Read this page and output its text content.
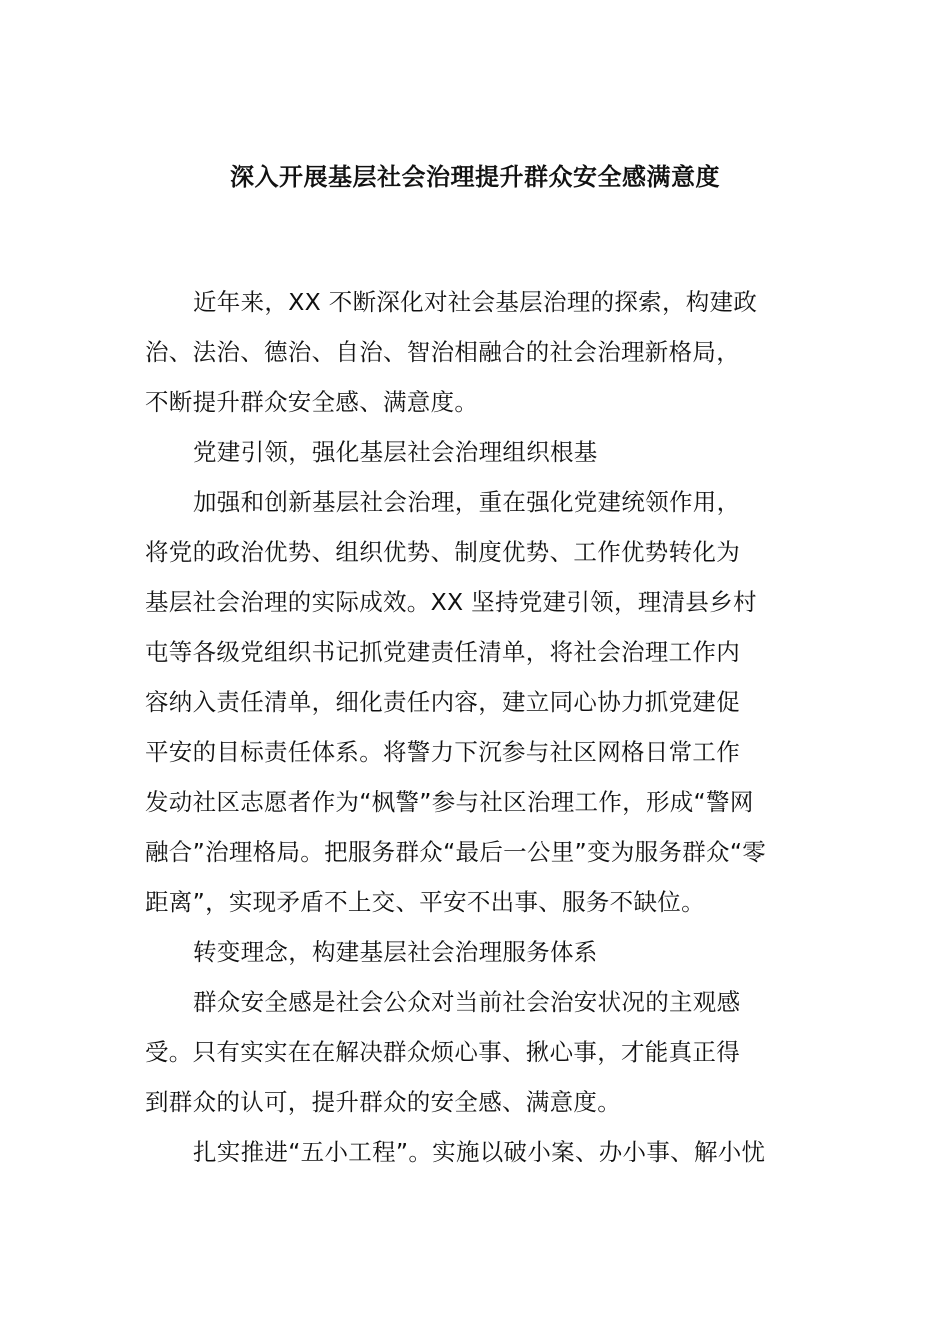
深入开展基层社会治理提升群众安全感满意度
近年来，XX 不断深化对社会基层治理的探索，构建政
治、法治、德治、自治、智治相融合的社会治理新格局，
不断提升群众安全感、满意度。
党建引领，强化基层社会治理组织根基
加强和创新基层社会治理，重在强化党建统领作用，
将党的政治优势、组织优势、制度优势、工作优势转化为
基层社会治理的实际成效。XX 坚持党建引领，理清县乡村
屯等各级党组织书记抓党建责任清单，将社会治理工作内
容纳入责任清单，细化责任内容，建立同心协力抓党建促
平安的目标责任体系。将警力下沉参与社区网格日常工作
发动社区志愿者作为“枫警”参与社区治理工作，形成“警网
融合”治理格局。把服务群众“最后一公里”变为服务群众“零
距离”，实现矛盾不上交、平安不出事、服务不缺位。
转变理念，构建基层社会治理服务体系
群众安全感是社会公众对当前社会治安状况的主观感
受。只有实实在在解决群众烦心事、揪心事，才能真正得
到群众的认可，提升群众的安全感、满意度。
扎实推进“五小工程”。实施以破小案、办小事、解小忧
